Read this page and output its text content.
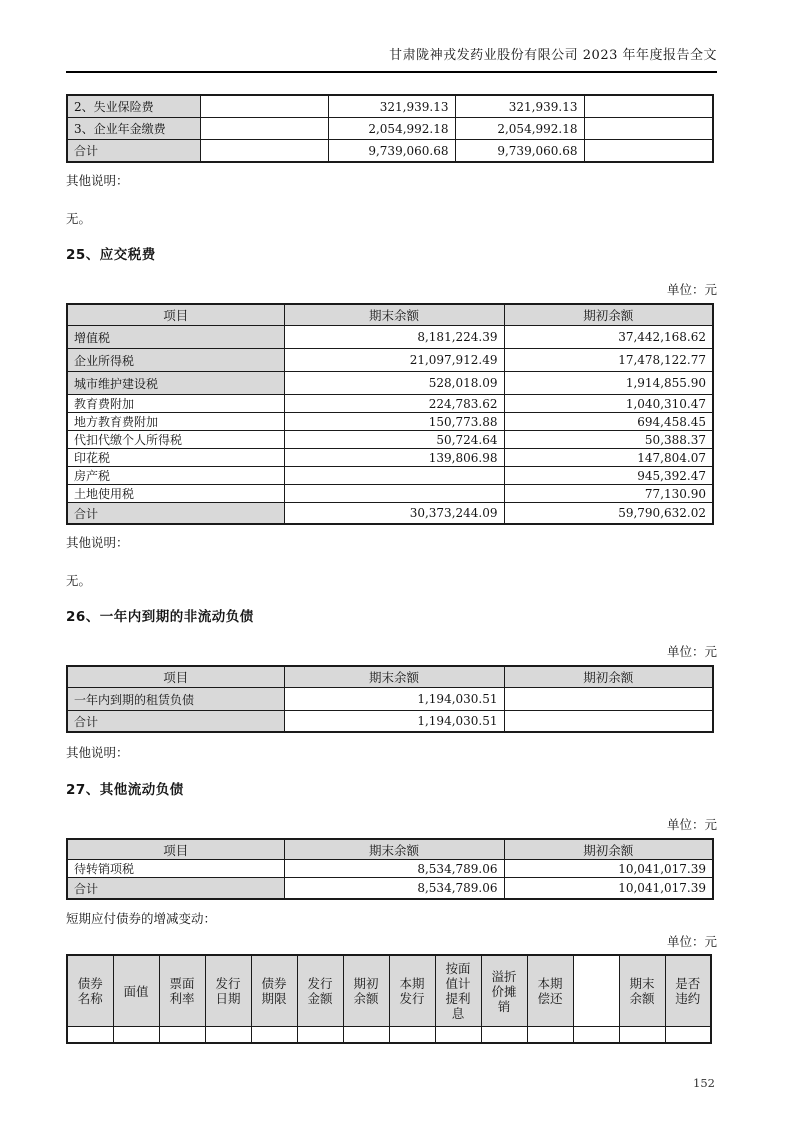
甘肃陇神戎发药业股份有限公司 2023 年年度报告全文
2、失业保险费		321,939.13	321,939.13	
3、企业年金缴费		2,054,992.18	2,054,992.18	
合计		9,739,060.68	9,739,060.68	

其他说明：

无。

25、应交税费
单位：元
项目	期末余额	期初余额
增值税	8,181,224.39	37,442,168.62
企业所得税	21,097,912.49	17,478,122.77
城市维护建设税	528,018.09	1,914,855.90
教育费附加	224,783.62	1,040,310.47
地方教育费附加	150,773.88	694,458.45
代扣代缴个人所得税	50,724.64	50,388.37
印花税	139,806.98	147,804.07
房产税		945,392.47
土地使用税		77,130.90
合计	30,373,244.09	59,790,632.02

其他说明：

无。

26、一年内到期的非流动负债
单位：元
项目	期末余额	期初余额
一年内到期的租赁负债	1,194,030.51	
合计	1,194,030.51	

其他说明：

27、其他流动负债
单位：元
项目	期末余额	期初余额
待转销项税	8,534,789.06	10,041,017.39
合计	8,534,789.06	10,041,017.39

短期应付债券的增减变动：

单位：元
债券名称	面值	票面利率	发行日期	债券期限	发行金额	期初余额	本期发行	按面值计提利息	溢折价摊销	本期偿还		期末余额	是否违约

152
